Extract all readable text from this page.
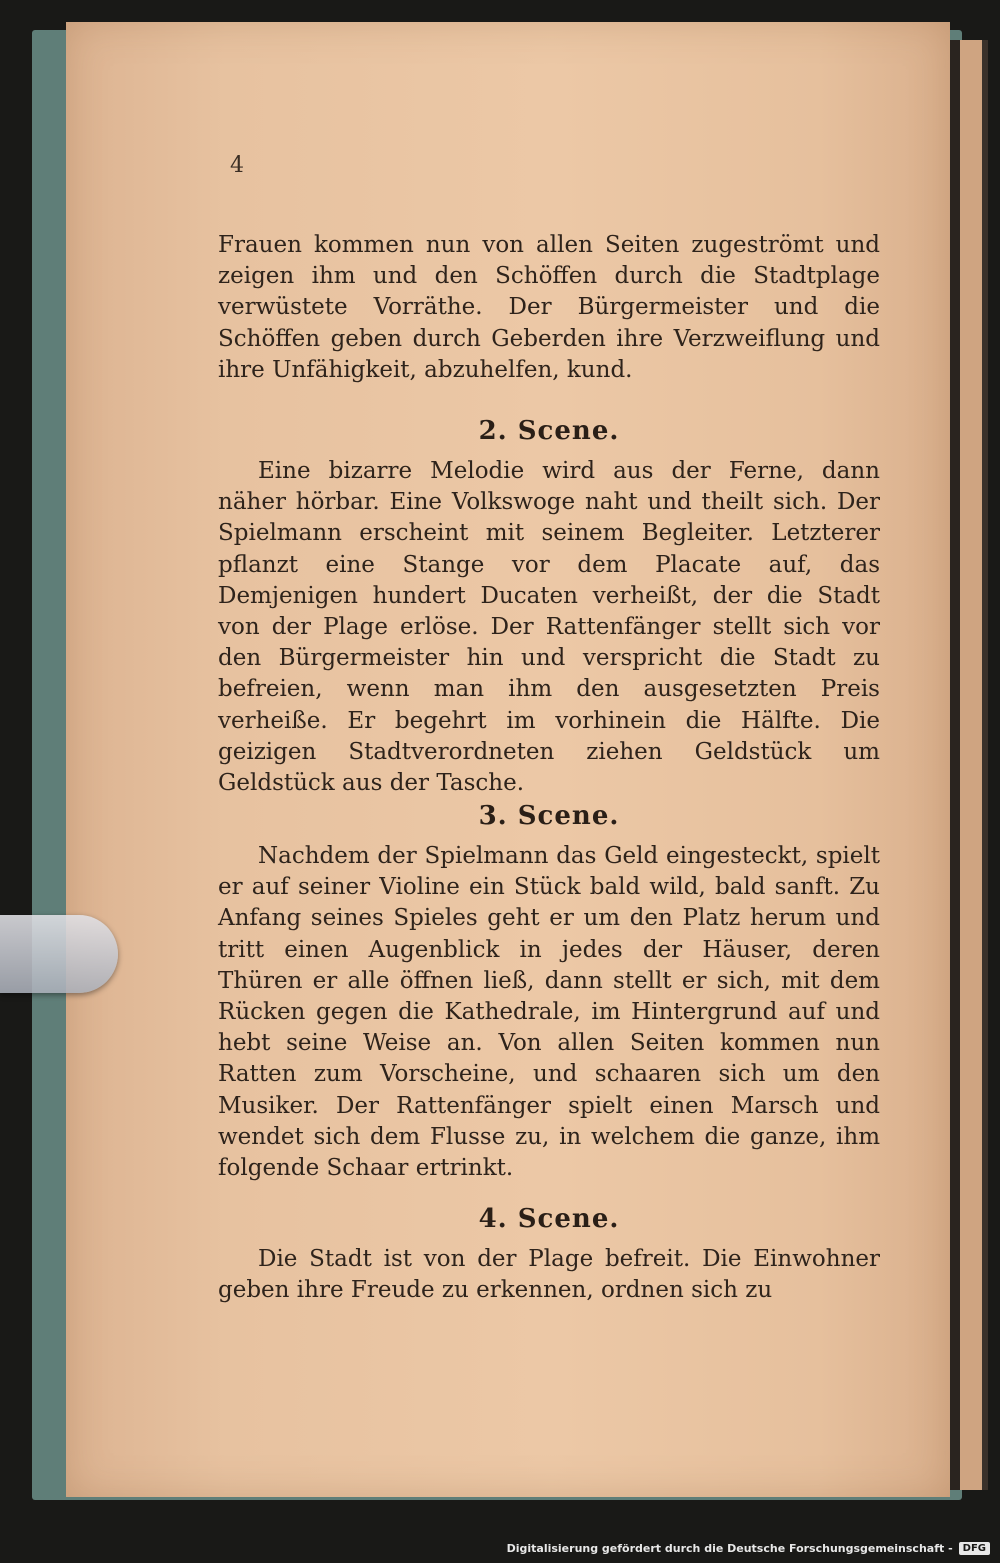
4
Frauen kommen nun von allen Seiten zugeströmt und zeigen ihm und den Schöffen durch die Stadtplage verwüstete Vorräthe. Der Bürgermeister und die Schöffen geben durch Geberden ihre Verzweiflung und ihre Unfähigkeit, abzuhelfen, kund.
2. Scene.
Eine bizarre Melodie wird aus der Ferne, dann näher hörbar. Eine Volkswoge naht und theilt sich. Der Spielmann erscheint mit seinem Begleiter. Letzterer pflanzt eine Stange vor dem Placate auf, das Demjenigen hundert Ducaten verheißt, der die Stadt von der Plage erlöse. Der Rattenfänger stellt sich vor den Bürgermeister hin und verspricht die Stadt zu befreien, wenn man ihm den ausgesetzten Preis verheiße. Er begehrt im vorhinein die Hälfte. Die geizigen Stadtverordneten ziehen Geldstück um Geldstück aus der Tasche.
3. Scene.
Nachdem der Spielmann das Geld eingesteckt, spielt er auf seiner Violine ein Stück bald wild, bald sanft. Zu Anfang seines Spieles geht er um den Platz herum und tritt einen Augenblick in jedes der Häuser, deren Thüren er alle öffnen ließ, dann stellt er sich, mit dem Rücken gegen die Kathedrale, im Hintergrund auf und hebt seine Weise an. Von allen Seiten kommen nun Ratten zum Vorscheine, und schaaren sich um den Musiker. Der Rattenfänger spielt einen Marsch und wendet sich dem Flusse zu, in welchem die ganze, ihm folgende Schaar ertrinkt.
4. Scene.
Die Stadt ist von der Plage befreit. Die Einwohner geben ihre Freude zu erkennen, ordnen sich zu
Digitalisierung gefördert durch die Deutsche Forschungsgemeinschaft -	DFG
